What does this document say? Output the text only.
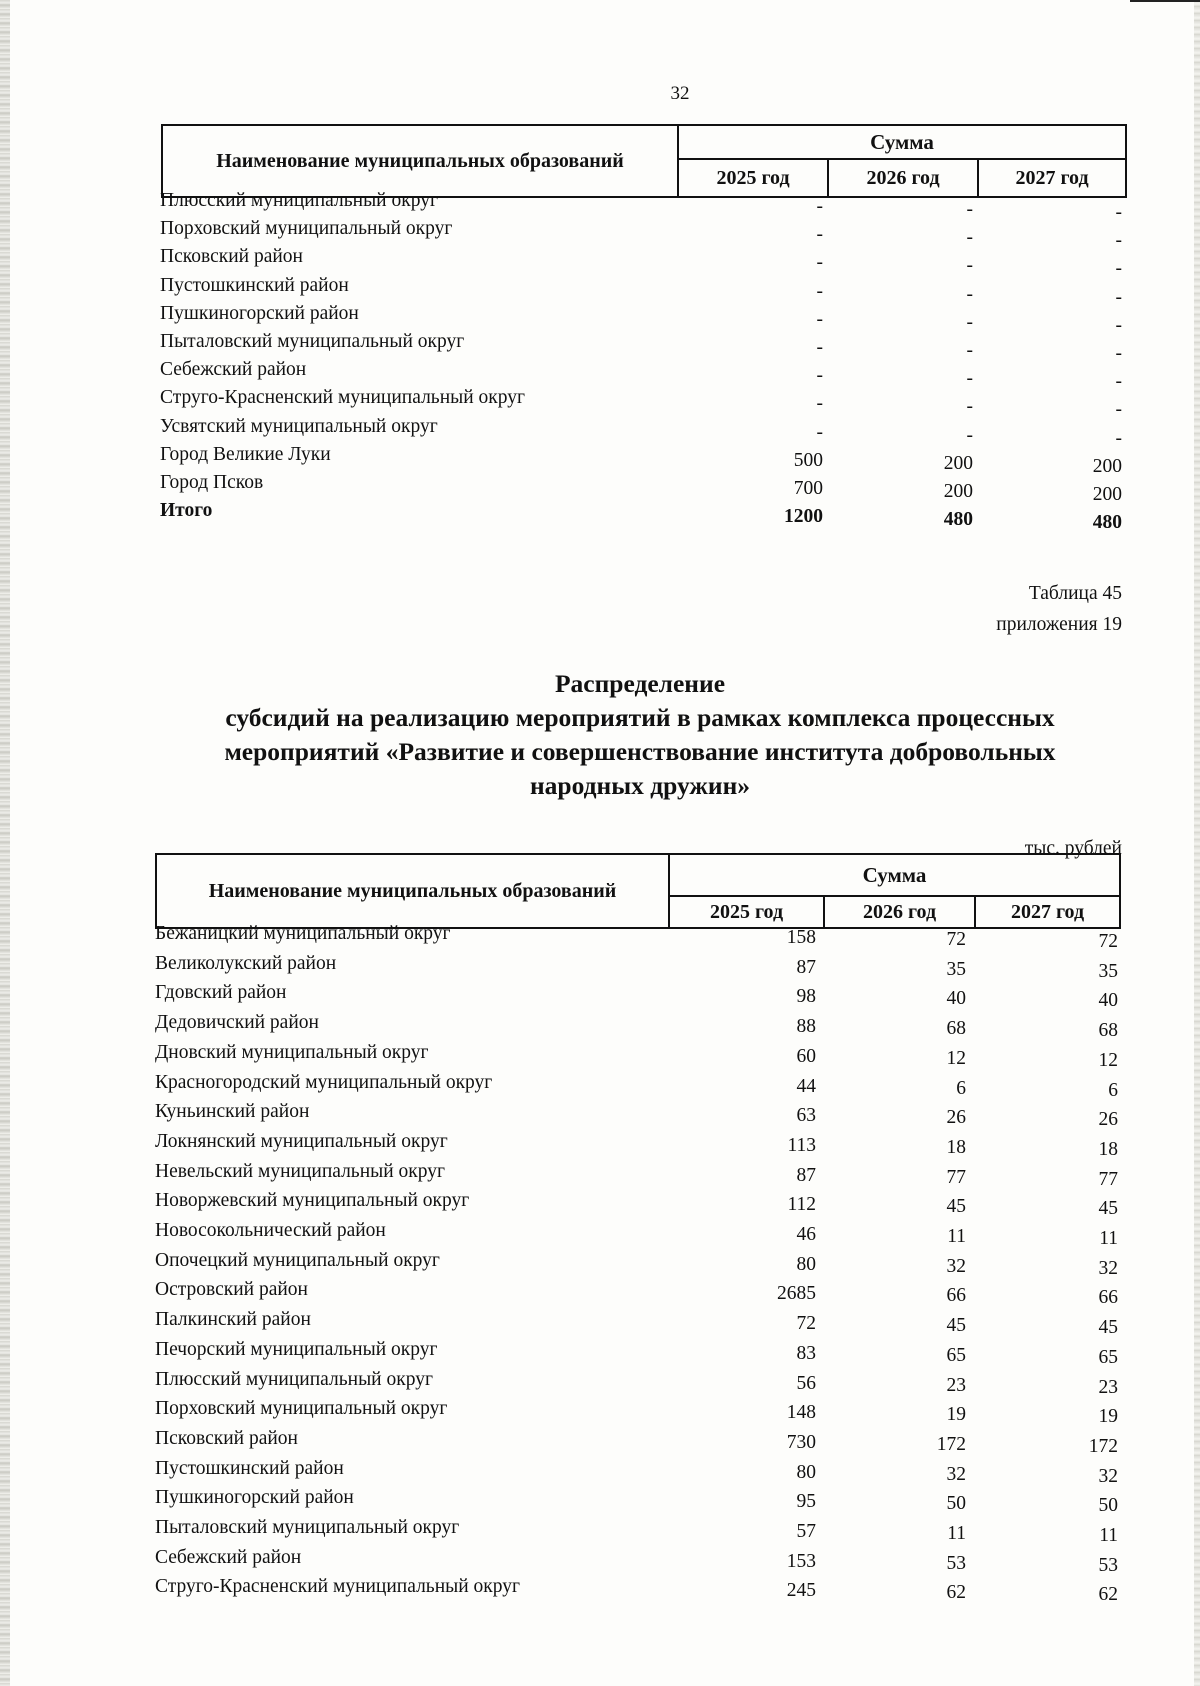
32
Наименование муниципальных образований
Сумма
2025 год	2026 год	2027 год
Плюсский муниципальный округ	-	-	-
Порховский муниципальный округ	-	-	-
Псковский район	-	-	-
Пустошкинский район	-	-	-
Пушкиногорский район	-	-	-
Пыталовский муниципальный округ	-	-	-
Себежский район	-	-	-
Струго-Красненский муниципальный округ	-	-	-
Усвятский муниципальный округ	-	-	-
Город Великие Луки	500	200	200
Город Псков	700	200	200
Итого	1200	480	480
Таблица 45
приложения 19
Распределение
субсидий на реализацию мероприятий в рамках комплекса процессных
мероприятий «Развитие и совершенствование института добровольных
народных дружин»
тыс. рублей
Наименование муниципальных образований
Сумма
2025 год	2026 год	2027 год
Бежаницкий муниципальный округ	158	72	72
Великолукский район	87	35	35
Гдовский район	98	40	40
Дедовичский район	88	68	68
Дновский муниципальный округ	60	12	12
Красногородский муниципальный округ	44	6	6
Куньинский район	63	26	26
Локнянский муниципальный округ	113	18	18
Невельский муниципальный округ	87	77	77
Новоржевский муниципальный округ	112	45	45
Новосокольнический район	46	11	11
Опочецкий муниципальный округ	80	32	32
Островский район	2685	66	66
Палкинский район	72	45	45
Печорский муниципальный округ	83	65	65
Плюсский муниципальный округ	56	23	23
Порховский муниципальный округ	148	19	19
Псковский район	730	172	172
Пустошкинский район	80	32	32
Пушкиногорский район	95	50	50
Пыталовский муниципальный округ	57	11	11
Себежский район	153	53	53
Струго-Красненский муниципальный округ	245	62	62
